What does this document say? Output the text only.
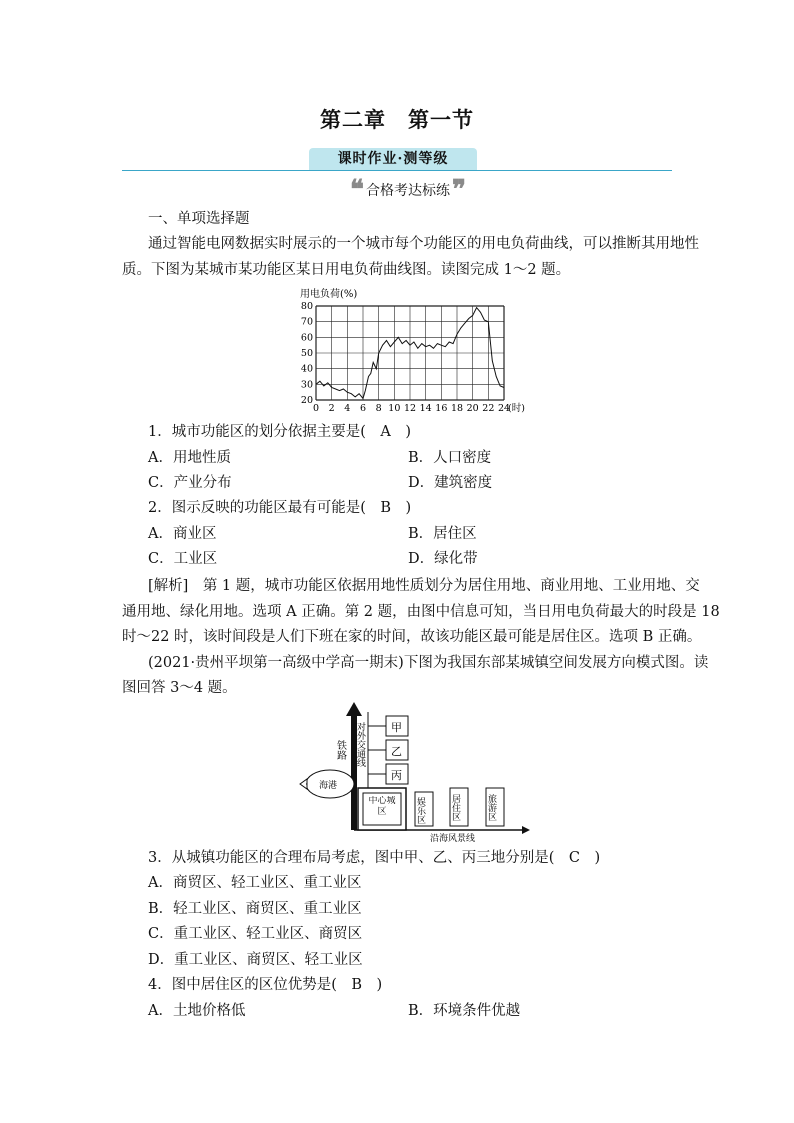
第二章　第一节
课时作业·测等级
❝ 合格考达标练 ❞
一、单项选择题
通过智能电网数据实时展示的一个城市每个功能区的用电负荷曲线，可以推断其用地性
质。下图为某城市某功能区某日用电负荷曲线图。读图完成 1～2 题。
用电负荷(%)
20
30
40
50
60
70
80
0 2 4 6 8 10 12 14 16 18 20 22 24
(时)
1．城市功能区的划分依据主要是(　A　)
A．用地性质	B．人口密度
C．产业分布	D．建筑密度
2．图示反映的功能区最有可能是(　B　)
A．商业区	B．居住区
C．工业区	D．绿化带
[解析]　第 1 题，城市功能区依据用地性质划分为居住用地、商业用地、工业用地、交
通用地、绿化用地。选项 A 正确。第 2 题，由图中信息可知，当日用电负荷最大的时段是 18
时～22 时，该时间段是人们下班在家的时间，故该功能区最可能是居住区。选项 B 正确。
(2021·贵州平坝第一高级中学高一期末)下图为我国东部某城镇空间发展方向模式图。读
图回答 3～4 题。
对外交通线
铁路
甲
乙
丙
海港
中心城区	娱乐区	居住区	旅游区
沿海风景线
3．从城镇功能区的合理布局考虑，图中甲、乙、丙三地分别是(　C　)
A．商贸区、轻工业区、重工业区
B．轻工业区、商贸区、重工业区
C．重工业区、轻工业区、商贸区
D．重工业区、商贸区、轻工业区
4．图中居住区的区位优势是(　B　)
A．土地价格低	B．环境条件优越
